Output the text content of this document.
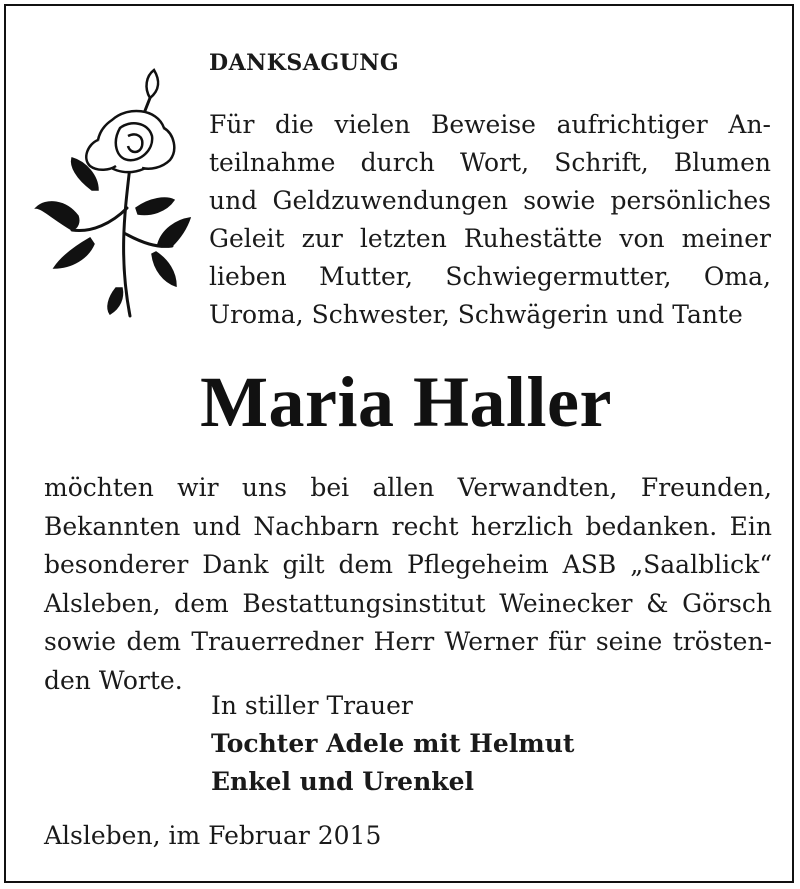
DANKSAGUNG
Für die vielen Beweise aufrichtiger An-
teilnahme durch Wort, Schrift, Blumen
und Geldzuwendungen sowie persönliches
Geleit zur letzten Ruhestätte von meiner
lieben Mutter, Schwiegermutter, Oma,
Uroma, Schwester, Schwägerin und Tante
Maria Haller
möchten wir uns bei allen Verwandten, Freunden,
Bekannten und Nachbarn recht herzlich bedanken. Ein
besonderer Dank gilt dem Pflegeheim ASB „Saalblick“
Alsleben, dem Bestattungsinstitut Weinecker & Görsch
sowie dem Trauerredner Herr Werner für seine trösten-
den Worte.
In stiller Trauer
Tochter Adele mit Helmut
Enkel und Urenkel
Alsleben, im Februar 2015
